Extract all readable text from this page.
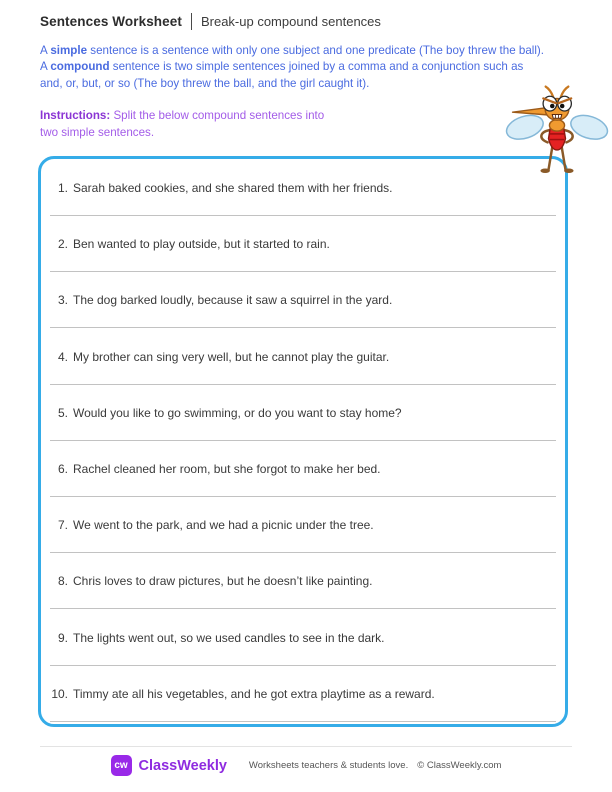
Sentences Worksheet Break-up compound sentences
A simple sentence is a sentence with only one subject and one predicate (The boy threw the ball). A compound sentence is two simple sentences joined by a comma and a conjunction such as and, or, but, or so (The boy threw the ball, and the girl caught it).
Instructions: Split the below compound sentences into
two simple sentences.
1. Sarah baked cookies, and she shared them with her friends.
2. Ben wanted to play outside, but it started to rain.
3. The dog barked loudly, because it saw a squirrel in the yard.
4. My brother can sing very well, but he cannot play the guitar.
5. Would you like to go swimming, or do you want to stay home?
6. Rachel cleaned her room, but she forgot to make her bed.
7. We went to the park, and we had a picnic under the tree.
8. Chris loves to draw pictures, but he doesn’t like painting.
9. The lights went out, so we used candles to see in the dark.
10. Timmy ate all his vegetables, and he got extra playtime as a reward.
cw ClassWeekly Worksheets teachers & students love. © ClassWeekly.com
